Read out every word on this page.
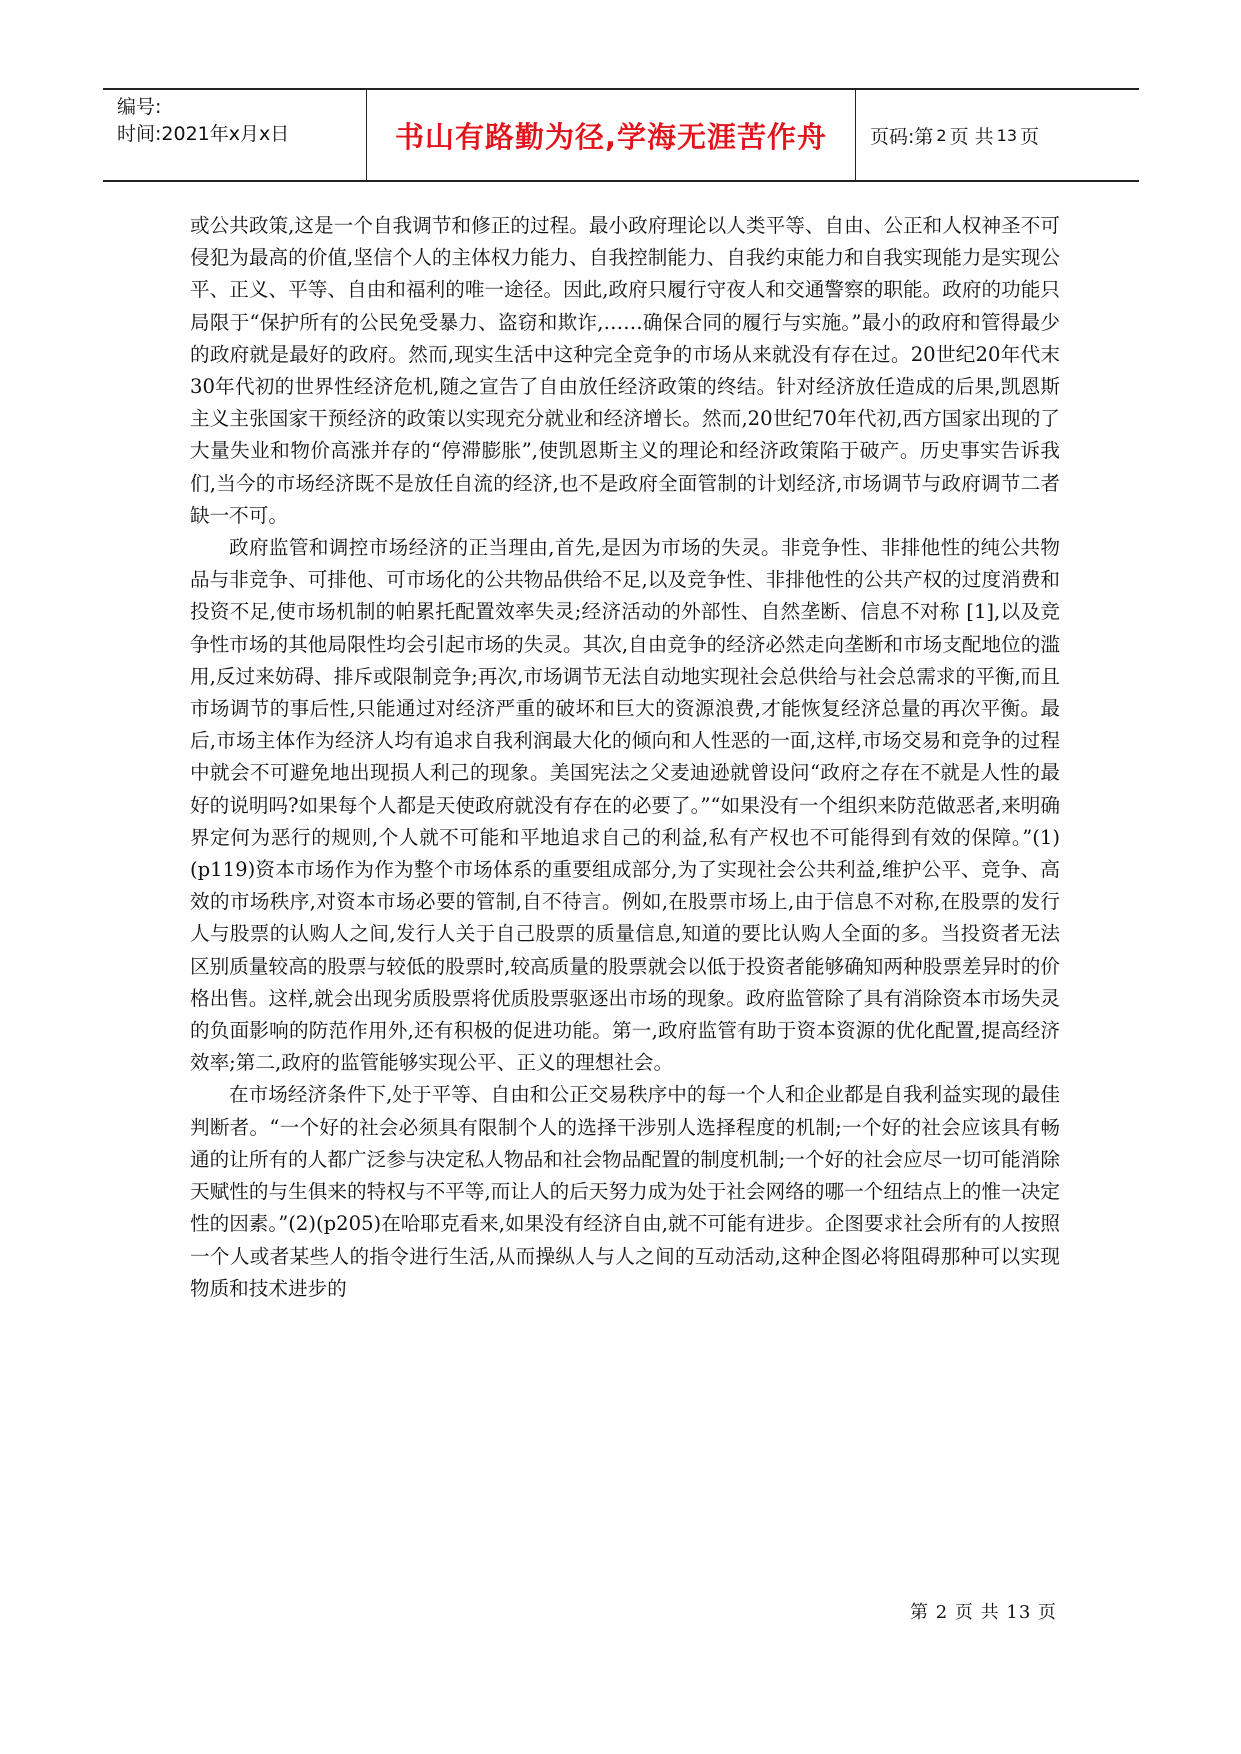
编号:
时间:2021年x月x日	书山有路勤为径,学海无涯苦作舟	页码:第 2 页 共 13 页

或公共政策,这是一个自我调节和修正的过程。最小政府理论以人类平等、自由、公正和人权神圣不可侵犯为最高的价值,坚信个人的主体权力能力、自我控制能力、自我约束能力和自我实现能力是实现公平、正义、平等、自由和福利的唯一途径。因此,政府只履行守夜人和交通警察的职能。政府的功能只局限于“保护所有的公民免受暴力、盗窃和欺诈,……确保合同的履行与实施。”最小的政府和管得最少的政府就是最好的政府。然而,现实生活中这种完全竞争的市场从来就没有存在过。20世纪20年代末30年代初的世界性经济危机,随之宣告了自由放任经济政策的终结。针对经济放任造成的后果,凯恩斯主义主张国家干预经济的政策以实现充分就业和经济增长。然而,20世纪70年代初,西方国家出现的了大量失业和物价高涨并存的“停滞膨胀”,使凯恩斯主义的理论和经济政策陷于破产。历史事实告诉我们,当今的市场经济既不是放任自流的经济,也不是政府全面管制的计划经济,市场调节与政府调节二者缺一不可。

政府监管和调控市场经济的正当理由,首先,是因为市场的失灵。非竞争性、非排他性的纯公共物品与非竞争、可排他、可市场化的公共物品供给不足,以及竞争性、非排他性的公共产权的过度消费和投资不足,使市场机制的帕累托配置效率失灵;经济活动的外部性、自然垄断、信息不对称 [1],以及竞争性市场的其他局限性均会引起市场的失灵。其次,自由竞争的经济必然走向垄断和市场支配地位的滥用,反过来妨碍、排斥或限制竞争;再次,市场调节无法自动地实现社会总供给与社会总需求的平衡,而且市场调节的事后性,只能通过对经济严重的破坏和巨大的资源浪费,才能恢复经济总量的再次平衡。最后,市场主体作为经济人均有追求自我利润最大化的倾向和人性恶的一面,这样,市场交易和竞争的过程中就会不可避免地出现损人利己的现象。美国宪法之父麦迪逊就曾设问“政府之存在不就是人性的最好的说明吗?如果每个人都是天使政府就没有存在的必要了。”“如果没有一个组织来防范做恶者,来明确界定何为恶行的规则,个人就不可能和平地追求自己的利益,私有产权也不可能得到有效的保障。”(1)(p119)资本市场作为作为整个市场体系的重要组成部分,为了实现社会公共利益,维护公平、竞争、高效的市场秩序,对资本市场必要的管制,自不待言。例如,在股票市场上,由于信息不对称,在股票的发行人与股票的认购人之间,发行人关于自己股票的质量信息,知道的要比认购人全面的多。当投资者无法区别质量较高的股票与较低的股票时,较高质量的股票就会以低于投资者能够确知两种股票差异时的价格出售。这样,就会出现劣质股票将优质股票驱逐出市场的现象。政府监管除了具有消除资本市场失灵的负面影响的防范作用外,还有积极的促进功能。第一,政府监管有助于资本资源的优化配置,提高经济效率;第二,政府的监管能够实现公平、正义的理想社会。

在市场经济条件下,处于平等、自由和公正交易秩序中的每一个人和企业都是自我利益实现的最佳判断者。“一个好的社会必须具有限制个人的选择干涉别人选择程度的机制;一个好的社会应该具有畅通的让所有的人都广泛参与决定私人物品和社会物品配置的制度机制;一个好的社会应尽一切可能消除天赋性的与生俱来的特权与不平等,而让人的后天努力成为处于社会网络的哪一个纽结点上的惟一决定性的因素。”(2)(p205)在哈耶克看来,如果没有经济自由,就不可能有进步。企图要求社会所有的人按照一个人或者某些人的指令进行生活,从而操纵人与人之间的互动活动,这种企图必将阻碍那种可以实现物质和技术进步的

第 2 页 共 13 页
